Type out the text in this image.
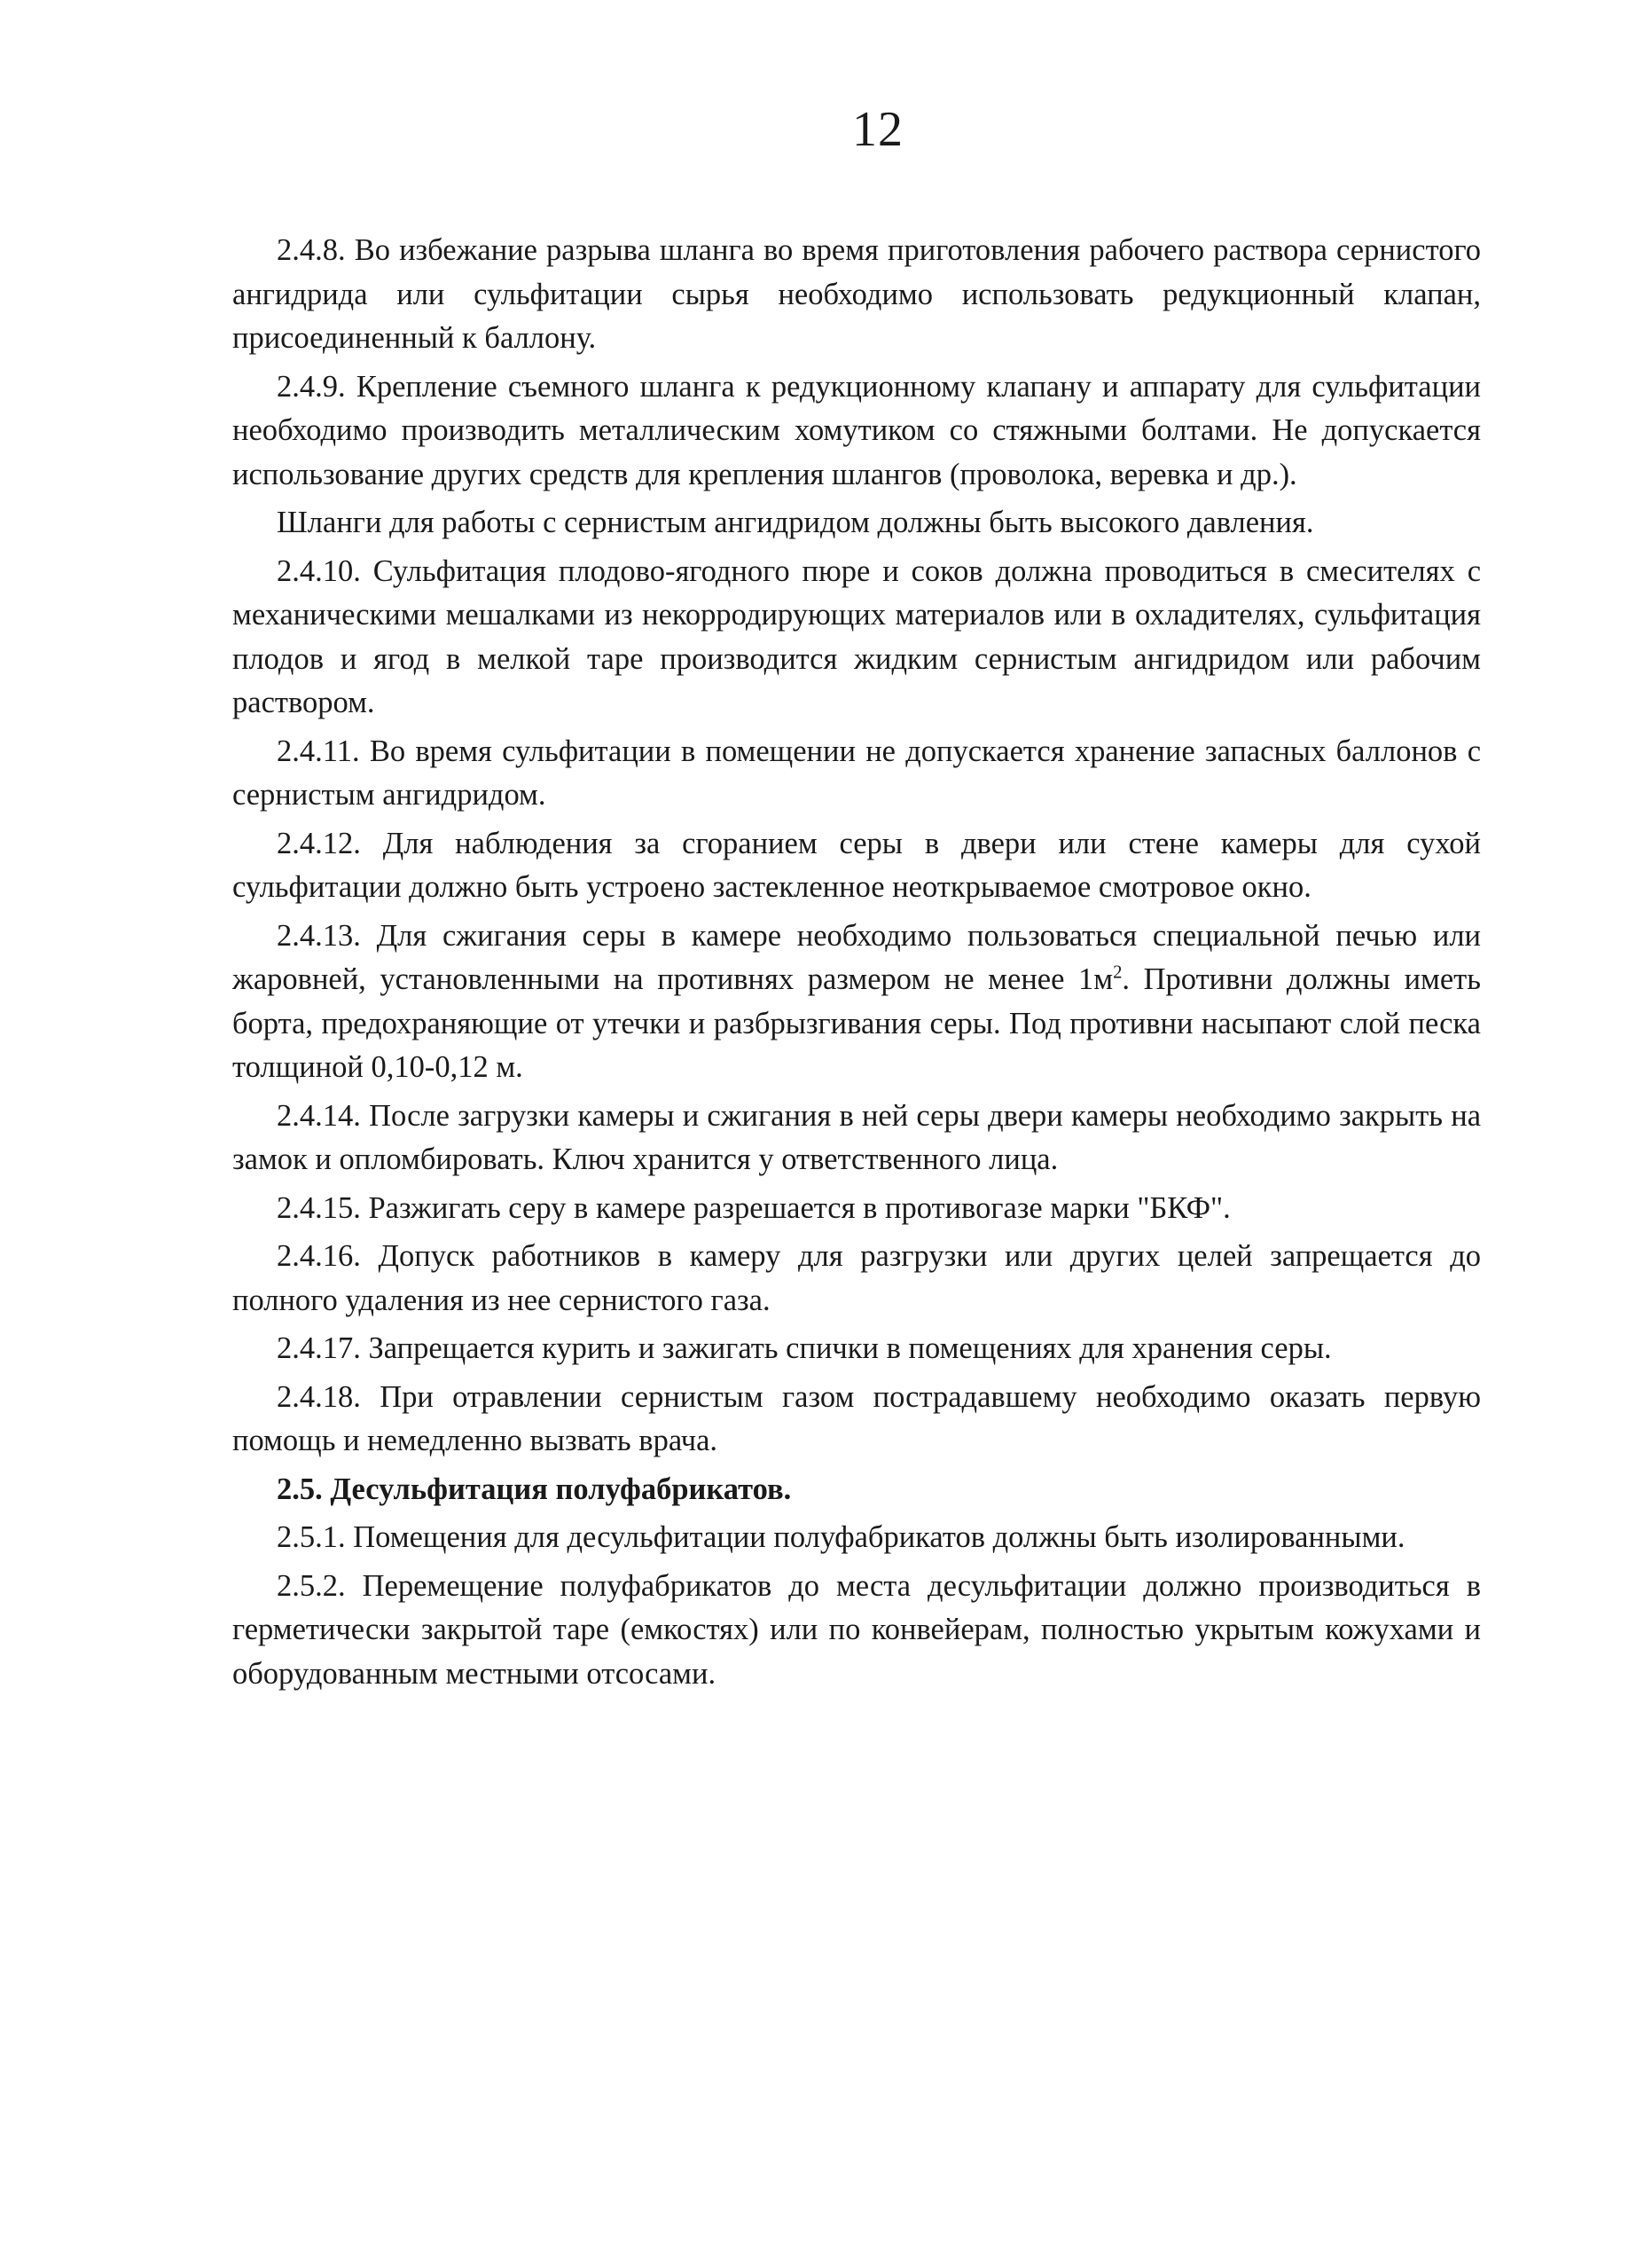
12

2.4.8. Во избежание разрыва шланга во время приготовления рабочего раствора сернистого ангидрида или сульфитации сырья необходимо использовать редукционный клапан, присоединенный к баллону.

2.4.9. Крепление съемного шланга к редукционному клапану и аппарату для сульфитации необходимо производить металлическим хомутиком со стяжными болтами. Не допускается использование других средств для крепления шлангов (проволока, веревка и др.).

Шланги для работы с сернистым ангидридом должны быть высокого давления.

2.4.10. Сульфитация плодово-ягодного пюре и соков должна проводиться в смесителях с механическими мешалками из некорродирующих материалов или в охладителях, сульфитация плодов и ягод в мелкой таре производится жидким сернистым ангидридом или рабочим раствором.

2.4.11. Во время сульфитации в помещении не допускается хранение запасных баллонов с сернистым ангидридом.

2.4.12. Для наблюдения за сгоранием серы в двери или стене камеры для сухой сульфитации должно быть устроено застекленное неоткрываемое смотровое окно.

2.4.13. Для сжигания серы в камере необходимо пользоваться специальной печью или жаровней, установленными на противнях размером не менее $1м^2$. Противни должны иметь борта, предохраняющие от утечки и разбрызгивания серы. Под противни насыпают слой песка толщиной 0,10-0,12 м.

2.4.14. После загрузки камеры и сжигания в ней серы двери камеры необходимо закрыть на замок и опломбировать. Ключ хранится у ответственного лица.

2.4.15. Разжигать серу в камере разрешается в противогазе марки "БКФ".

2.4.16. Допуск работников в камеру для разгрузки или других целей запрещается до полного удаления из нее сернистого газа.

2.4.17. Запрещается курить и зажигать спички в помещениях для хранения серы.

2.4.18. При отравлении сернистым газом пострадавшему необходимо оказать первую помощь и немедленно вызвать врача.

2.5. Десульфитация полуфабрикатов.

2.5.1. Помещения для десульфитации полуфабрикатов должны быть изолированными.

2.5.2. Перемещение полуфабрикатов до места десульфитации должно производиться в герметически закрытой таре (емкостях) или по конвейерам, полностью укрытым кожухами и оборудованным местными отсосами.
